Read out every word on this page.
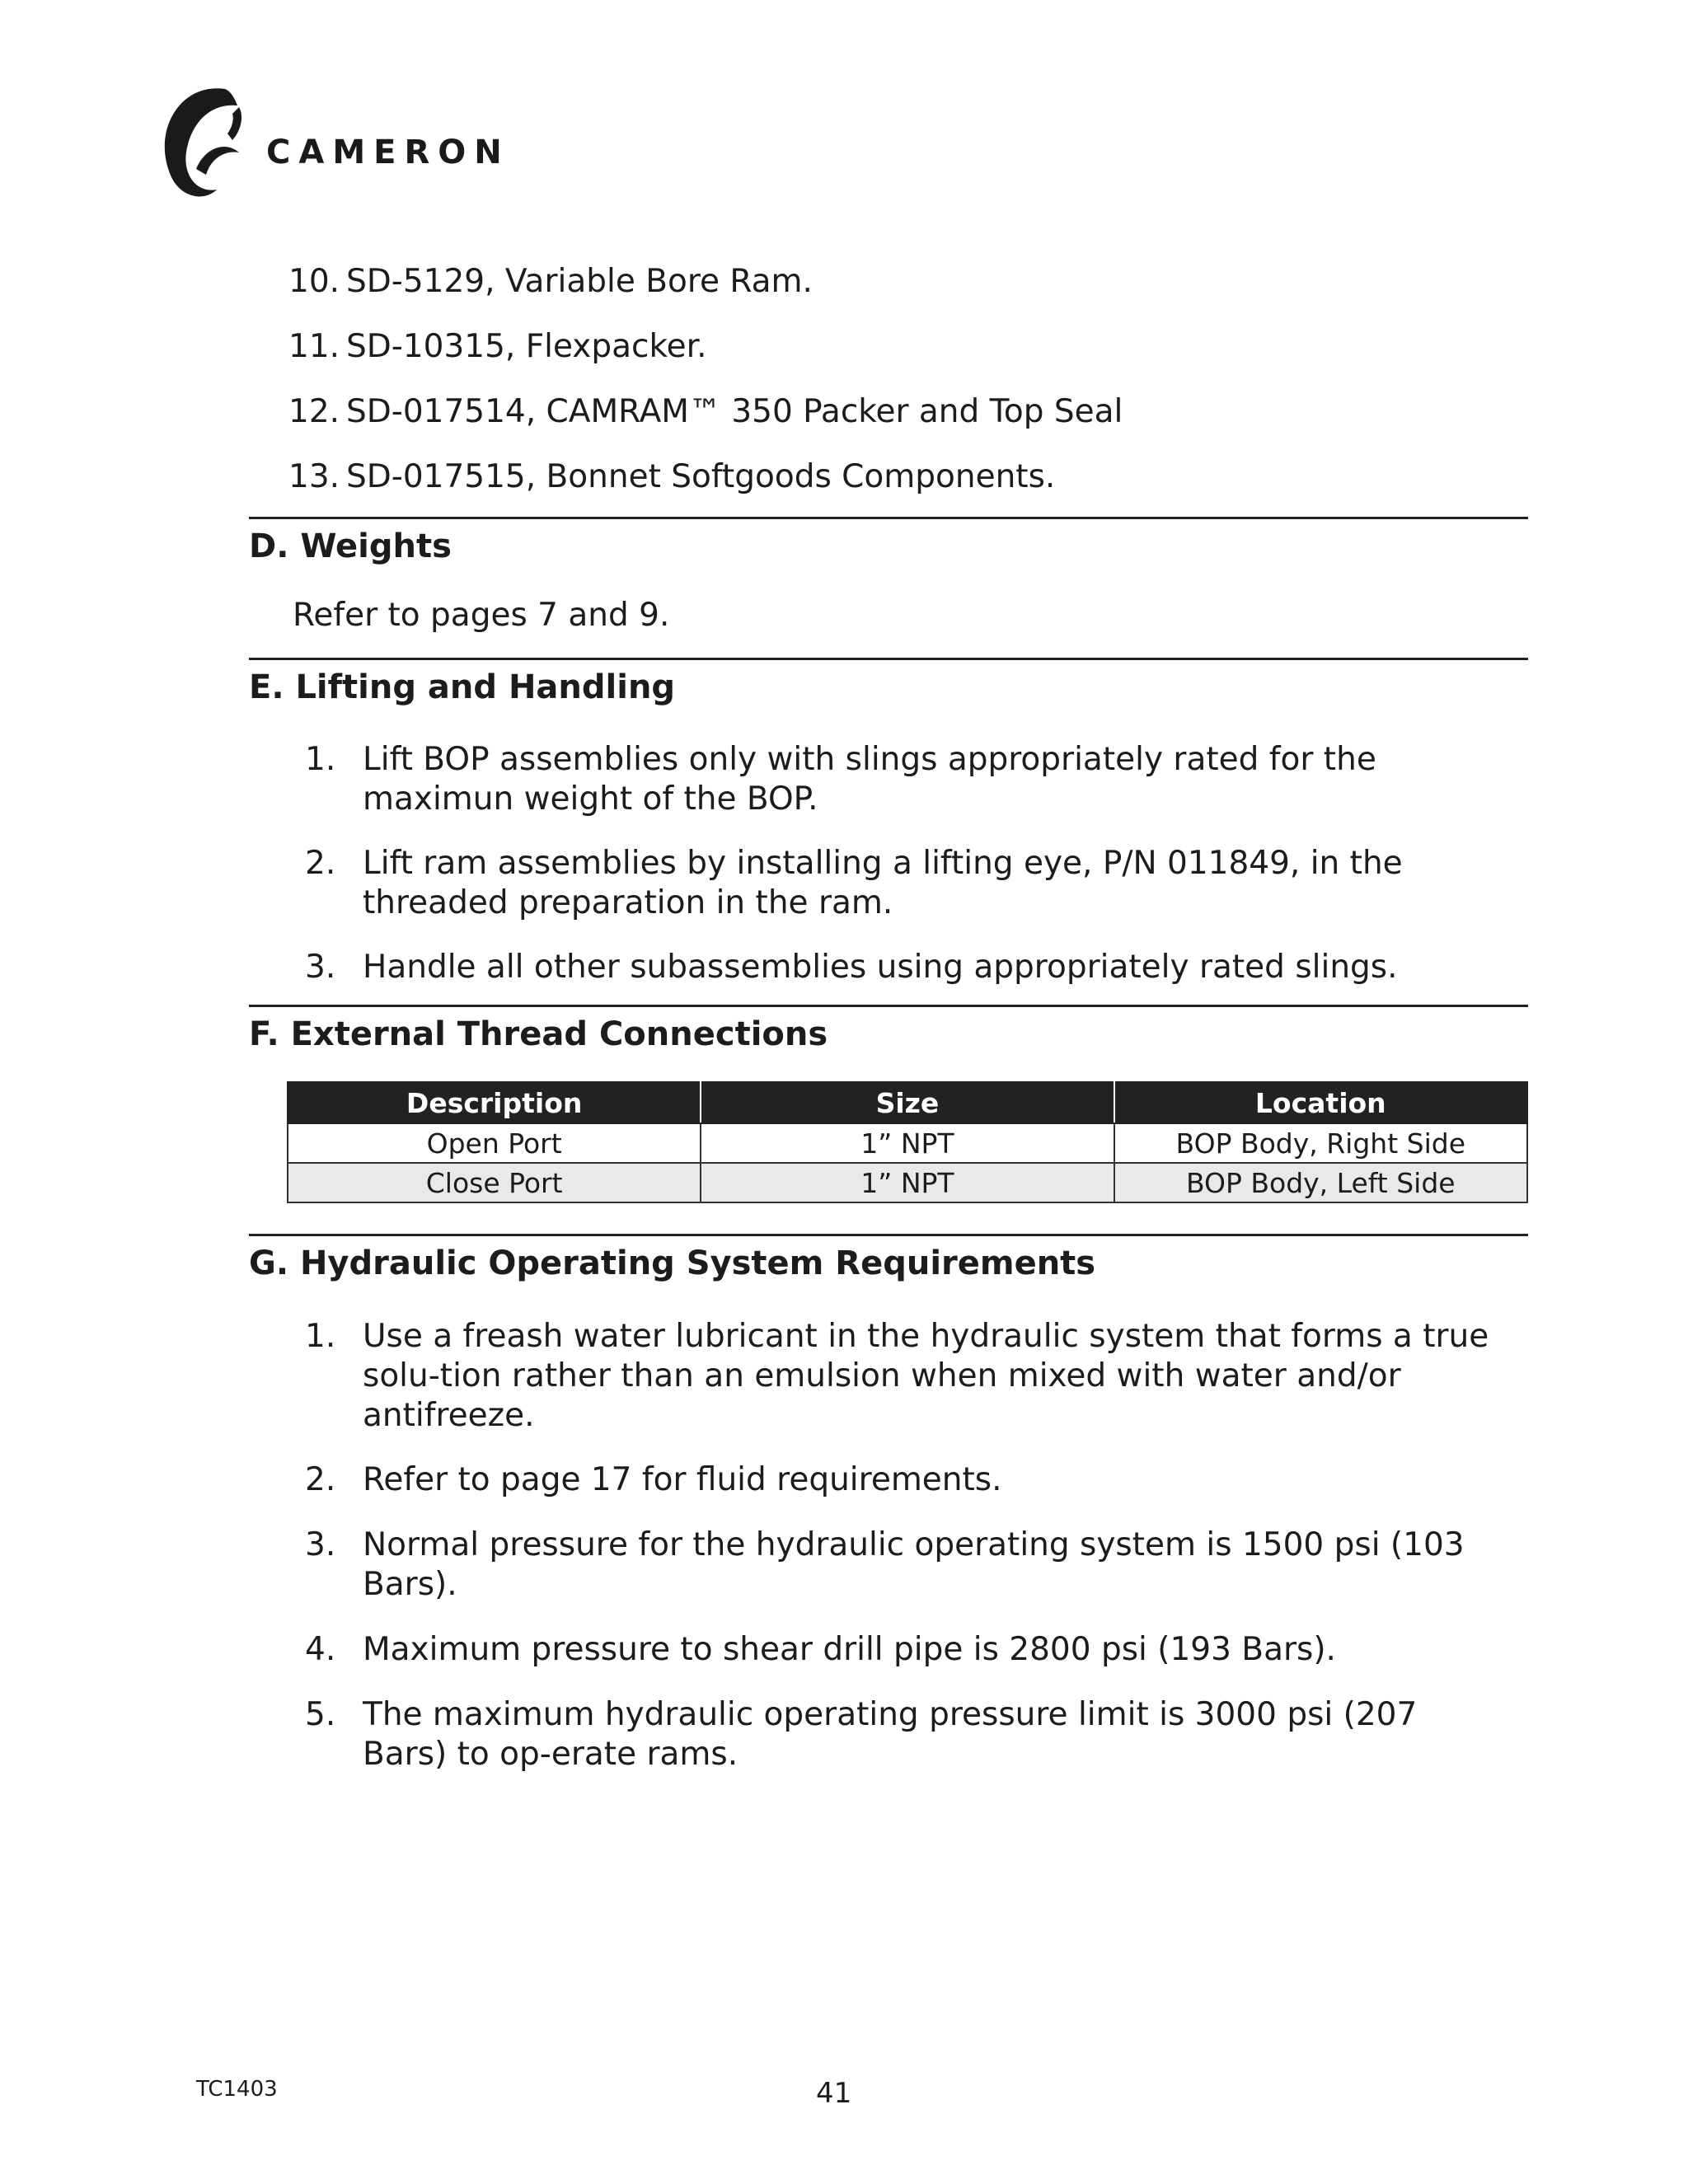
CAMERON
10. SD-5129, Variable Bore Ram.
11. SD-10315, Flexpacker.
12. SD-017514, CAMRAM™ 350 Packer and Top Seal
13. SD-017515, Bonnet Softgoods Components.
D. Weights
Refer to pages 7 and 9.
E. Lifting and Handling
1. Lift BOP assemblies only with slings appropriately rated for the maximun weight of the BOP.
2. Lift ram assemblies by installing a lifting eye, P/N 011849, in the threaded preparation in the ram.
3. Handle all other subassemblies using appropriately rated slings.
F. External Thread Connections
Description	Size	Location
Open Port	1” NPT	BOP Body, Right Side
Close Port	1” NPT	BOP Body, Left Side
G. Hydraulic Operating System Requirements
1. Use a freash water lubricant in the hydraulic system that forms a true solu-tion rather than an emulsion when mixed with water and/or antifreeze.
2. Refer to page 17 for fluid requirements.
3. Normal pressure for the hydraulic operating system is 1500 psi (103 Bars).
4. Maximum pressure to shear drill pipe is 2800 psi (193 Bars).
5. The maximum hydraulic operating pressure limit is 3000 psi (207 Bars) to op-erate rams.
TC1403	41
